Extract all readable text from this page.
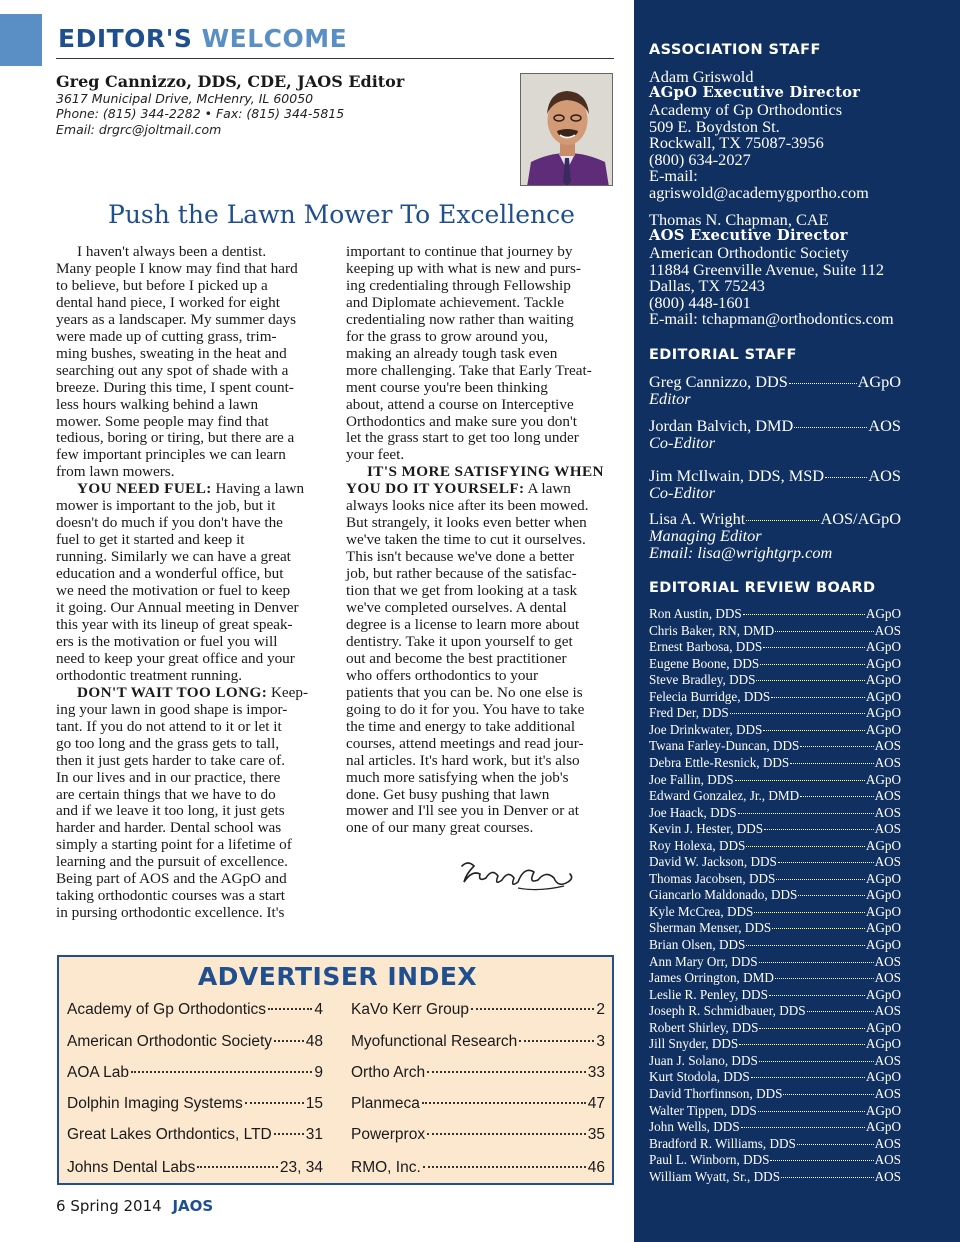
EDITOR'S WELCOME
Greg Cannizzo, DDS, CDE, JAOS Editor
3617 Municipal Drive, McHenry, IL 60050
Phone: (815) 344-2282 • Fax: (815) 344-5815
Email: drgrc@joltmail.com
Push the Lawn Mower To Excellence
I haven't always been a dentist.
Many people I know may find that hard
to believe, but before I picked up a
dental hand piece, I worked for eight
years as a landscaper. My summer days
were made up of cutting grass, trim-
ming bushes, sweating in the heat and
searching out any spot of shade with a
breeze. During this time, I spent count-
less hours walking behind a lawn
mower. Some people may find that
tedious, boring or tiring, but there are a
few important principles we can learn
from lawn mowers.
YOU NEED FUEL: Having a lawn
mower is important to the job, but it
doesn't do much if you don't have the
fuel to get it started and keep it
running. Similarly we can have a great
education and a wonderful office, but
we need the motivation or fuel to keep
it going. Our Annual meeting in Denver
this year with its lineup of great speak-
ers is the motivation or fuel you will
need to keep your great office and your
orthodontic treatment running.
DON'T WAIT TOO LONG: Keep-
ing your lawn in good shape is impor-
tant. If you do not attend to it or let it
go too long and the grass gets to tall,
then it just gets harder to take care of.
In our lives and in our practice, there
are certain things that we have to do
and if we leave it too long, it just gets
harder and harder. Dental school was
simply a starting point for a lifetime of
learning and the pursuit of excellence.
Being part of AOS and the AGpO and
taking orthodontic courses was a start
in pursing orthodontic excellence. It's
important to continue that journey by
keeping up with what is new and purs-
ing credentialing through Fellowship
and Diplomate achievement. Tackle
credentialing now rather than waiting
for the grass to grow around you,
making an already tough task even
more challenging. Take that Early Treat-
ment course you're been thinking
about, attend a course on Interceptive
Orthodontics and make sure you don't
let the grass start to get too long under
your feet.
IT'S MORE SATISFYING WHEN
YOU DO IT YOURSELF: A lawn
always looks nice after its been mowed.
But strangely, it looks even better when
we've taken the time to cut it ourselves.
This isn't because we've done a better
job, but rather because of the satisfac-
tion that we get from looking at a task
we've completed ourselves. A dental
degree is a license to learn more about
dentistry. Take it upon yourself to get
out and become the best practitioner
who offers orthodontics to your
patients that you can be. No one else is
going to do it for you. You have to take
the time and energy to take additional
courses, attend meetings and read jour-
nal articles. It's hard work, but it's also
much more satisfying when the job's
done. Get busy pushing that lawn
mower and I'll see you in Denver or at
one of our many great courses.
ADVERTISER INDEX
Academy of Gp Orthodontics	4
American Orthodontic Society 48
AOA Lab	9
Dolphin Imaging Systems	15
Great Lakes Orthdontics, LTD 31
Johns Dental Labs	23, 34
KaVo Kerr Group	2
Myofunctional Research	3
Ortho Arch	33
Planmeca	47
Powerprox	35
RMO, Inc.	46
6 Spring 2014 JAOS
ASSOCIATION STAFF
EDITORIAL STAFF
EDITORIAL REVIEW BOARD
Adam Griswold
AGpO Executive Director
Academy of Gp Orthodontics
509 E. Boydston St.
Rockwall, TX 75087-3956
(800) 634-2027
E-mail:
agriswold@academygportho.com
Thomas N. Chapman, CAE
AOS Executive Director
American Orthodontic Society
11884 Greenville Avenue, Suite 112
Dallas, TX 75243
(800) 448-1601
E-mail: tchapman@orthodontics.com
Greg Cannizzo, DDS	AGpO
Editor
Jordan Balvich, DMD	AOS
Co-Editor
Jim McIlwain, DDS, MSD	AOS
Co-Editor
Lisa A. Wright	AOS/AGpO
Managing Editor
Email: lisa@wrightgrp.com
Ron Austin, DDS	AGpO
Chris Baker, RN, DMD	AOS
Ernest Barbosa, DDS	AGpO
Eugene Boone, DDS	AGpO
Steve Bradley, DDS	AGpO
Felecia Burridge, DDS	AGpO
Fred Der, DDS	AGpO
Joe Drinkwater, DDS	AGpO
Twana Farley-Duncan, DDS	AOS
Debra Ettle-Resnick, DDS	AOS
Joe Fallin, DDS	AGpO
Edward Gonzalez, Jr., DMD	AOS
Joe Haack, DDS	AOS
Kevin J. Hester, DDS	AOS
Roy Holexa, DDS	AGpO
David W. Jackson, DDS	AOS
Thomas Jacobsen, DDS	AGpO
Giancarlo Maldonado, DDS	AGpO
Kyle McCrea, DDS	AGpO
Sherman Menser, DDS	AGpO
Brian Olsen, DDS	AGpO
Ann Mary Orr, DDS	AOS
James Orrington, DMD	AOS
Leslie R. Penley, DDS	AGpO
Joseph R. Schmidbauer, DDS	AOS
Robert Shirley, DDS	AGpO
Jill Snyder, DDS	AGpO
Juan J. Solano, DDS	AOS
Kurt Stodola, DDS	AGpO
David Thorfinnson, DDS	AOS
Walter Tippen, DDS	AGpO
John Wells, DDS	AGpO
Bradford R. Williams, DDS	AOS
Paul L. Winborn, DDS	AOS
William Wyatt, Sr., DDS	AOS
